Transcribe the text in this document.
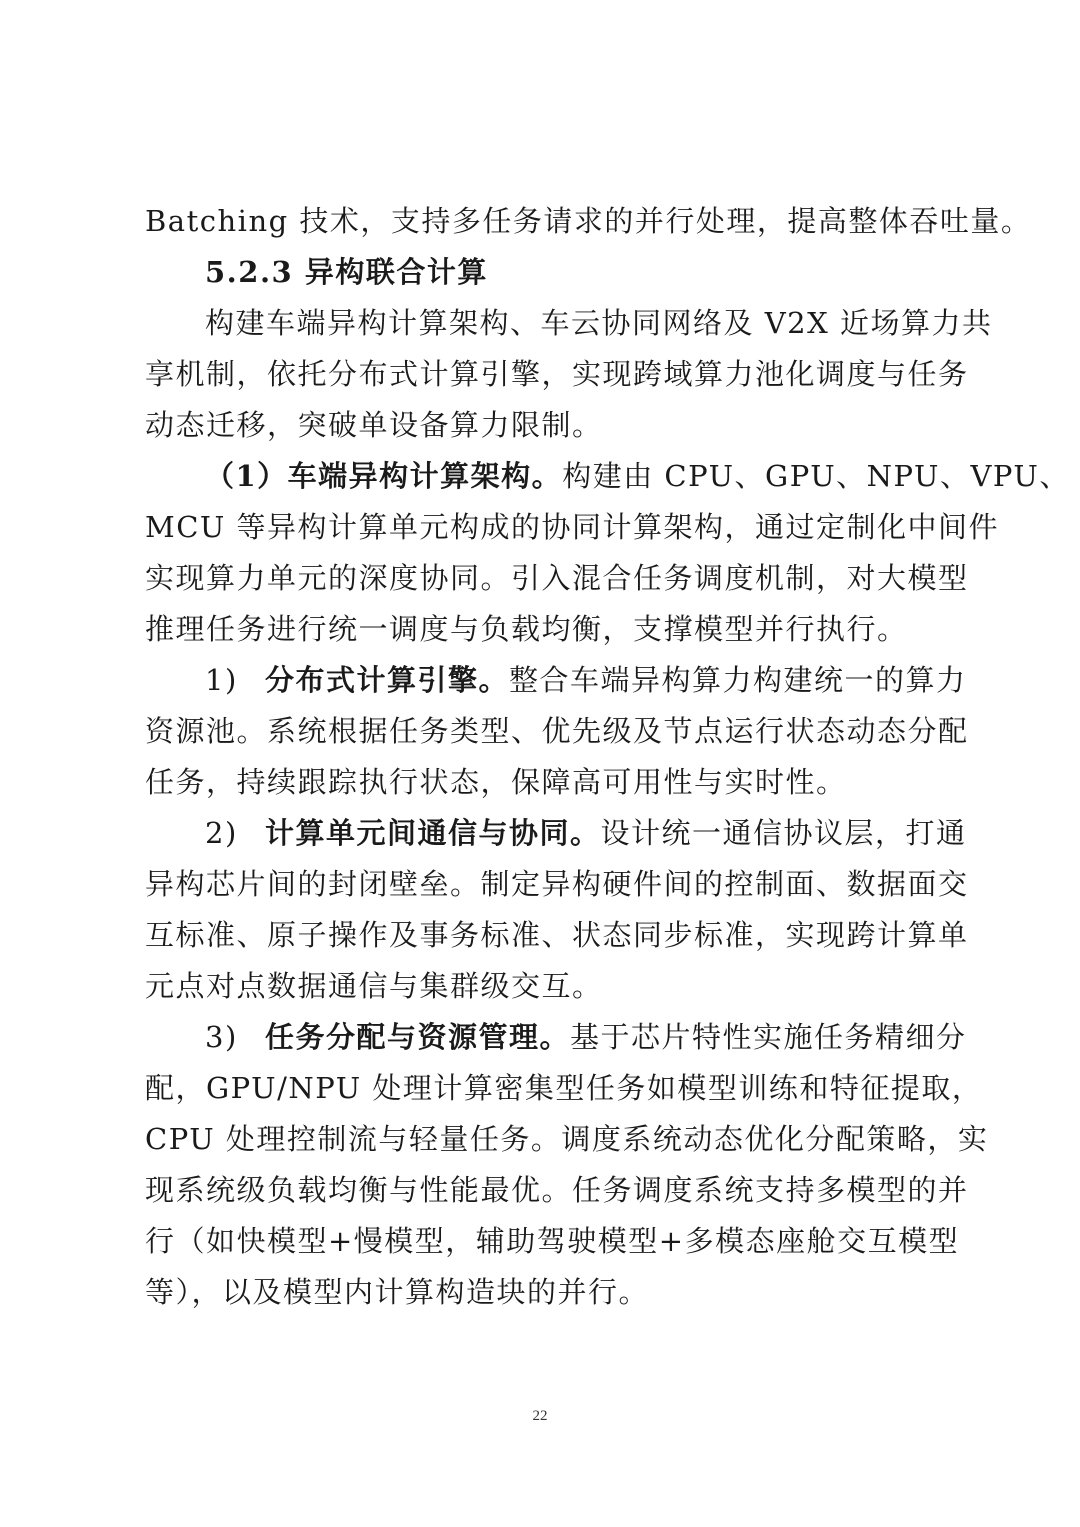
Batching 技术，支持多任务请求的并行处理，提高整体吞吐量。
5.2.3 异构联合计算
构建车端异构计算架构、车云协同网络及 V2X 近场算力共
享机制，依托分布式计算引擎，实现跨域算力池化调度与任务
动态迁移，突破单设备算力限制。
（1）车端异构计算架构。构建由 CPU、GPU、NPU、VPU、
MCU 等异构计算单元构成的协同计算架构，通过定制化中间件
实现算力单元的深度协同。引入混合任务调度机制，对大模型
推理任务进行统一调度与负载均衡，支撑模型并行执行。
1) 分布式计算引擎。整合车端异构算力构建统一的算力
资源池。系统根据任务类型、优先级及节点运行状态动态分配
任务，持续跟踪执行状态，保障高可用性与实时性。
2) 计算单元间通信与协同。设计统一通信协议层，打通
异构芯片间的封闭壁垒。制定异构硬件间的控制面、数据面交
互标准、原子操作及事务标准、状态同步标准，实现跨计算单
元点对点数据通信与集群级交互。
3) 任务分配与资源管理。基于芯片特性实施任务精细分
配，GPU/NPU 处理计算密集型任务如模型训练和特征提取，
CPU 处理控制流与轻量任务。调度系统动态优化分配策略，实
现系统级负载均衡与性能最优。任务调度系统支持多模型的并
行（如快模型+慢模型，辅助驾驶模型+多模态座舱交互模型
等），以及模型内计算构造块的并行。
22
